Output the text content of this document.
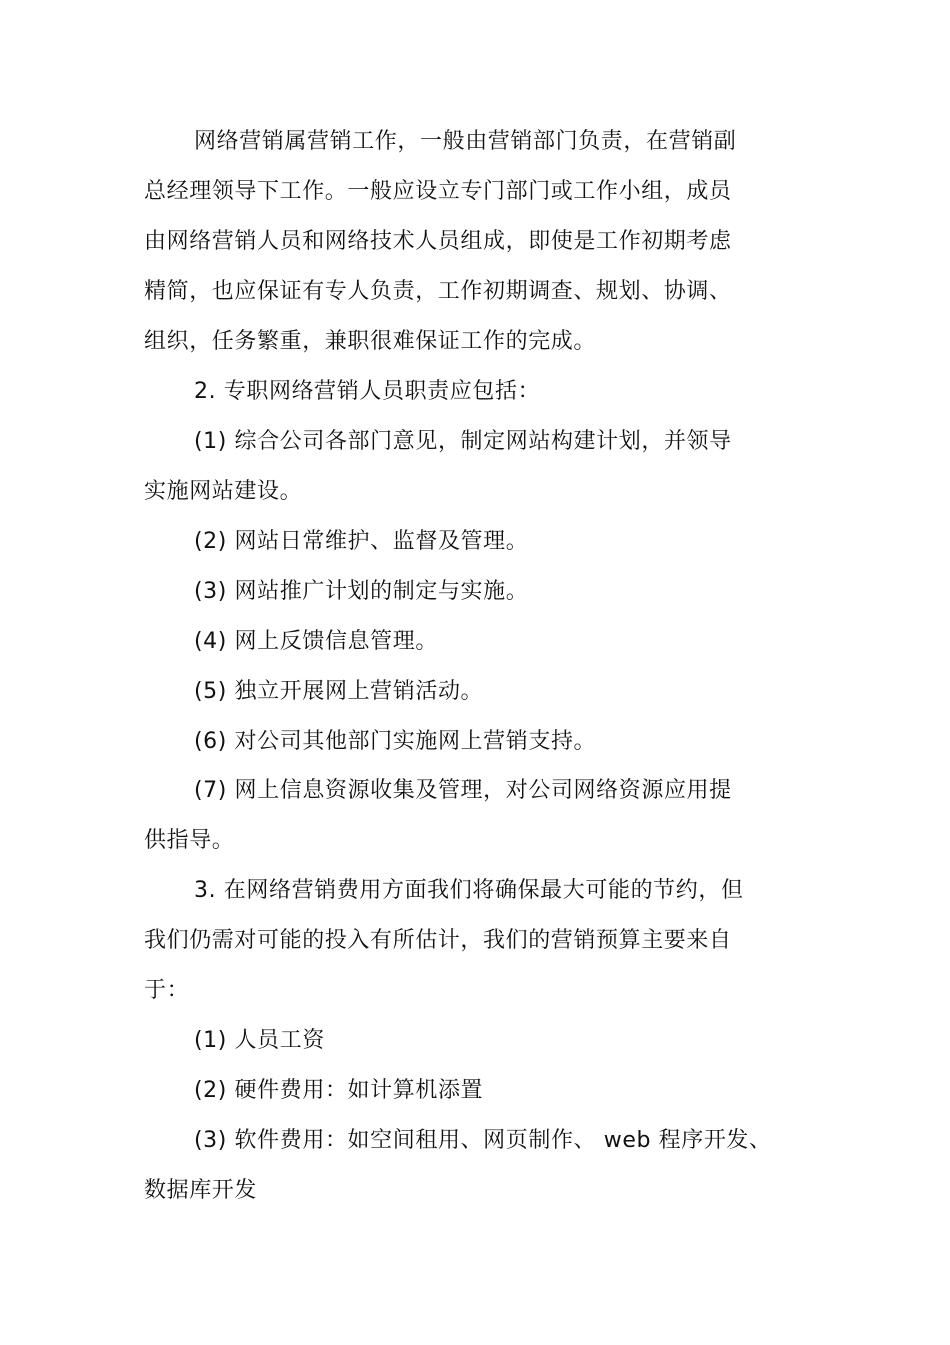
网络营销属营销工作，一般由营销部门负责，在营销副
总经理领导下工作。一般应设立专门部门或工作小组，成员
由网络营销人员和网络技术人员组成，即使是工作初期考虑
精简，也应保证有专人负责，工作初期调查、规划、协调、
组织，任务繁重，兼职很难保证工作的完成。
2. 专职网络营销人员职责应包括：
(1) 综合公司各部门意见，制定网站构建计划，并领导
实施网站建设。
(2) 网站日常维护、监督及管理。
(3) 网站推广计划的制定与实施。
(4) 网上反馈信息管理。
(5) 独立开展网上营销活动。
(6) 对公司其他部门实施网上营销支持。
(7) 网上信息资源收集及管理，对公司网络资源应用提
供指导。
3. 在网络营销费用方面我们将确保最大可能的节约，但
我们仍需对可能的投入有所估计，我们的营销预算主要来自
于：
(1) 人员工资
(2) 硬件费用：如计算机添置
(3) 软件费用：如空间租用、网页制作、 web 程序开发、
数据库开发
